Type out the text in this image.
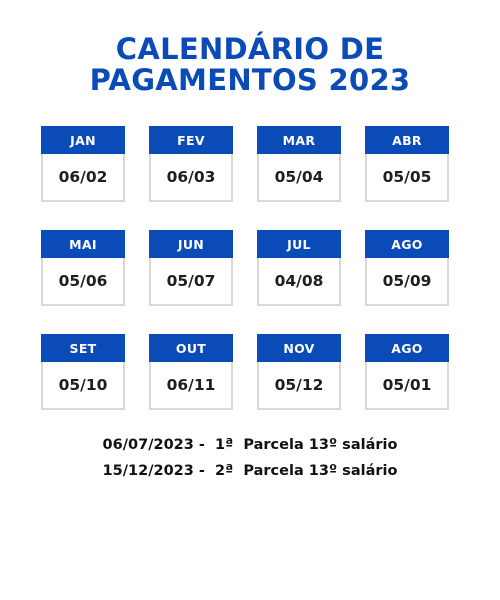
CALENDÁRIO DE
PAGAMENTOS 2023
JAN
06/02
FEV
06/03
MAR
05/04
ABR
05/05
MAI
05/06
JUN
05/07
JUL
04/08
AGO
05/09
SET
05/10
OUT
06/11
NOV
05/12
AGO
05/01
06/07/2023 -  1ª  Parcela 13º salário
15/12/2023 -  2ª  Parcela 13º salário
